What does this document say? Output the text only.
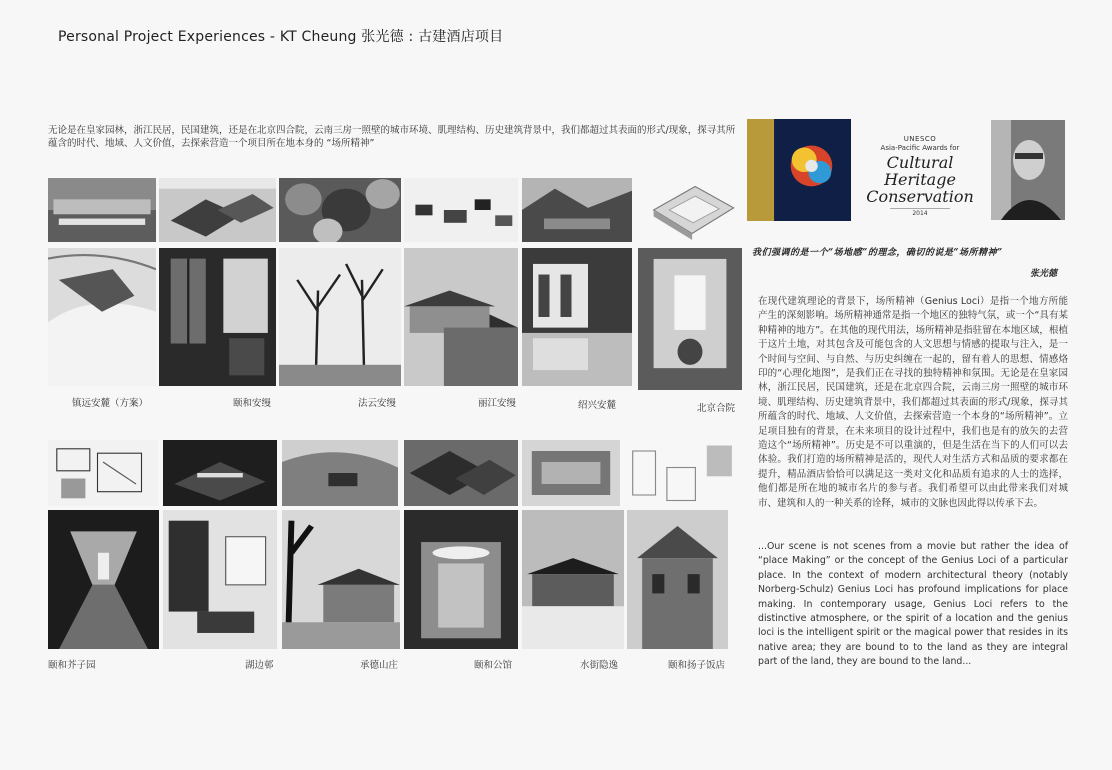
Personal Project Experiences - KT Cheung 张光德 : 古建酒店项目
无论是在皇家园林，浙江民居，民国建筑，还是在北京四合院，云南三房一照壁的城市环境、肌理结构、历史建筑背景中，我们都超过其表面的形式/现象，探寻其所蕴含的时代、地域、人文价值，去探索营造一个项目所在地本身的 “场所精神”
镇远安麓（方案）	颐和安缦	法云安缦	丽江安缦	绍兴安麓	北京合院
颐和芥子园	湖边邨	承德山庄	颐和公馆	水街隐逸	颐和扬子饭店
UNESCO
Asia-Pacific Awards for
Cultural Heritage
Conservation
2014
我们强调的是一个“场地感”的理念，确切的说是“场所精神”
张光德
在现代建筑理论的背景下，场所精神（Genius Loci）是指一个地方所能产生的深刻影响。场所精神通常是指一个地区的独特气氛，或一个“具有某种精神的地方”。在其他的现代用法，场所精神是指驻留在本地区域，根植于这片土地，对其包含及可能包含的人文思想与情感的提取与注入，是一个时间与空间、与自然、与历史纠缠在一起的，留有着人的思想、情感烙印的“心理化地图”，是我们正在寻找的独特精神和氛围。无论是在皇家园林，浙江民居，民国建筑，还是在北京四合院，云南三房一照壁的城市环境、肌理结构、历史建筑背景中，我们都超过其表面的形式/现象，探寻其所蕴含的时代、地域、人文价值，去探索营造一个本身的“场所精神”。立足项目独有的背景，在未来项目的设计过程中，我们也是有的放矢的去营造这个“场所精神”。历史是不可以重演的，但是生活在当下的人们可以去体验。我们打造的场所精神是活的，现代人对生活方式和品质的要求都在提升，精品酒店恰恰可以满足这一类对文化和品质有追求的人士的选择，他们都是所在地的城市名片的参与者。我们希望可以由此带来我们对城市、建筑和人的一种关系的诠释，城市的文脉也因此得以传承下去。
...Our scene is not scenes from a movie but rather the idea of “place Making” or the concept of the Genius Loci of a particular place. In the context of modern architectural theory (notably Norberg-Schulz) Genius Loci has profound implications for place making. In contemporary usage, Genius Loci refers to the distinctive atmosphere, or the spirit of a location and the genius loci is the intelligent spirit or the magical power that resides in its native area; they are bound to to the land as they are integral part of the land, they are bound to the land...
